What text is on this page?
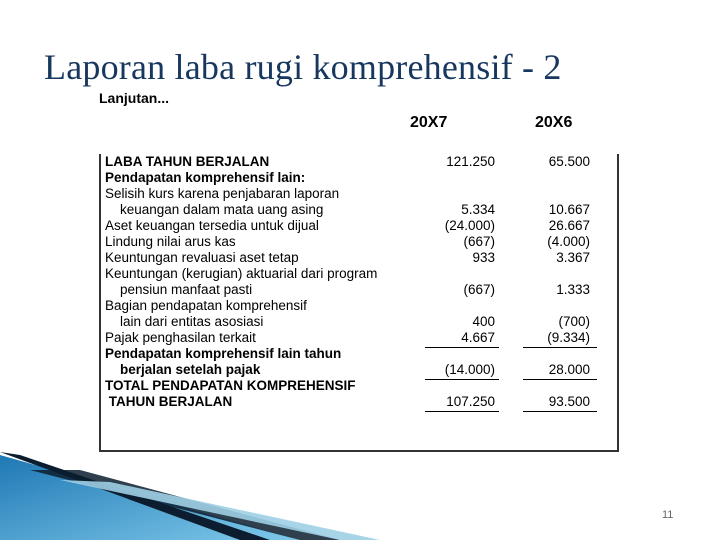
Laporan laba rugi komprehensif - 2
Lanjutan...
20X7	20X6
LABA TAHUN BERJALAN	121.250	65.500
Pendapatan komprehensif lain:
Selisih kurs karena penjabaran laporan
keuangan dalam mata uang asing	5.334	10.667
Aset keuangan tersedia untuk dijual	(24.000)	26.667
Lindung nilai arus kas	(667)	(4.000)
Keuntungan revaluasi aset tetap	933	3.367
Keuntungan (kerugian) aktuarial dari program
pensiun manfaat pasti	(667)	1.333
Bagian pendapatan komprehensif
lain dari entitas asosiasi	400	(700)
Pajak penghasilan terkait	4.667	(9.334)
Pendapatan komprehensif lain tahun
berjalan setelah pajak	(14.000)	28.000
TOTAL PENDAPATAN KOMPREHENSIF
TAHUN BERJALAN	107.250	93.500
11
